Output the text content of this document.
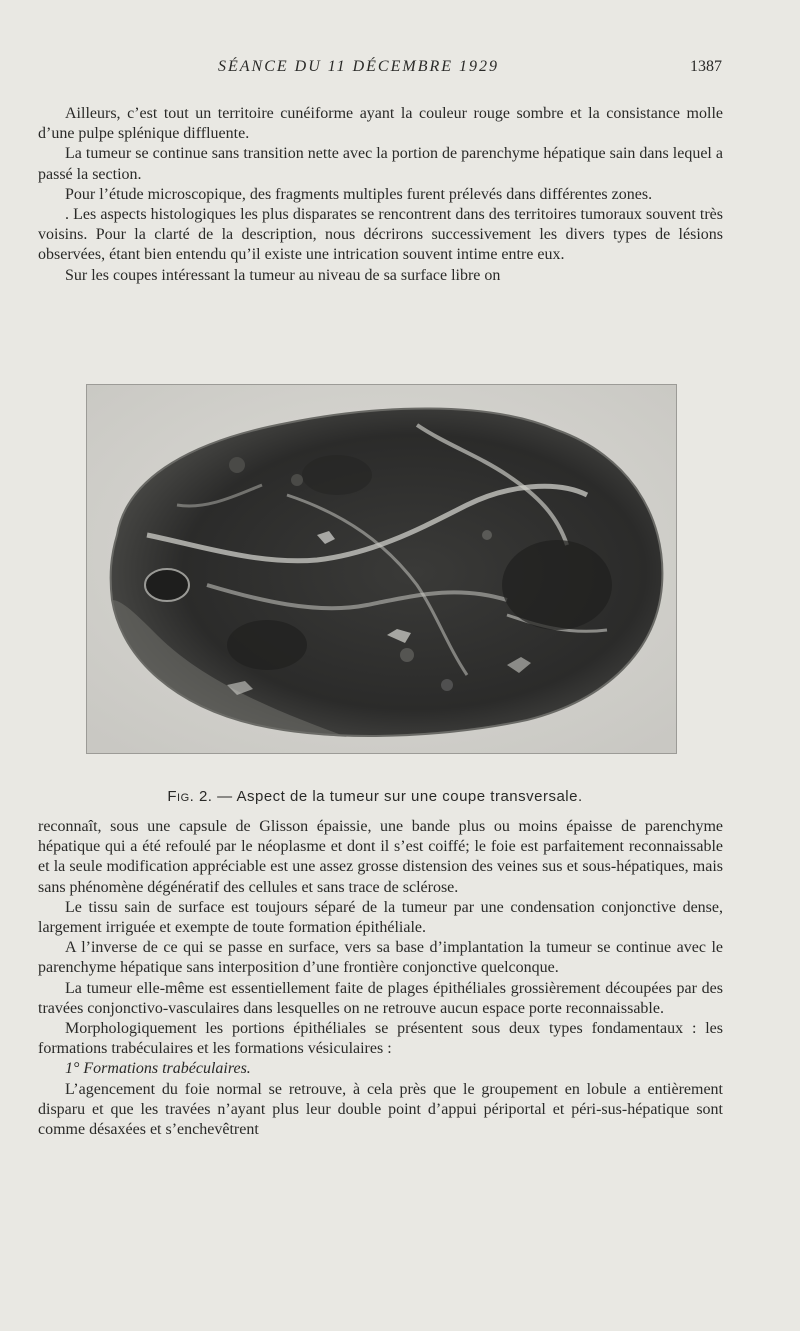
SÉANCE DU 11 DÉCEMBRE 1929	1387

Ailleurs, c’est tout un territoire cunéiforme ayant la couleur rouge sombre et la consistance molle d’une pulpe splénique diffluente.

La tumeur se continue sans transition nette avec la portion de parenchyme hépatique sain dans lequel a passé la section.

Pour l’étude microscopique, des fragments multiples furent prélevés dans différentes zones.

. Les aspects histologiques les plus disparates se rencontrent dans des territoires tumoraux souvent très voisins. Pour la clarté de la description, nous décrirons successivement les divers types de lésions observées, étant bien entendu qu’il existe une intrication souvent intime entre eux.

Sur les coupes intéressant la tumeur au niveau de sa surface libre on

Fig. 2. — Aspect de la tumeur sur une coupe transversale.

reconnaît, sous une capsule de Glisson épaissie, une bande plus ou moins épaisse de parenchyme hépatique qui a été refoulé par le néoplasme et dont il s’est coiffé; le foie est parfaitement reconnaissable et la seule modification appréciable est une assez grosse distension des veines sus et sous-hépatiques, mais sans phénomène dégénératif des cellules et sans trace de sclérose.

Le tissu sain de surface est toujours séparé de la tumeur par une condensation conjonctive dense, largement irriguée et exempte de toute formation épithéliale.

A l’inverse de ce qui se passe en surface, vers sa base d’implantation la tumeur se continue avec le parenchyme hépatique sans interposition d’une frontière conjonctive quelconque.

La tumeur elle-même est essentiellement faite de plages épithéliales grossièrement découpées par des travées conjonctivo-vasculaires dans lesquelles on ne retrouve aucun espace porte reconnaissable.

Morphologiquement les portions épithéliales se présentent sous deux types fondamentaux : les formations trabéculaires et les formations vésiculaires :

1° Formations trabéculaires.

L’agencement du foie normal se retrouve, à cela près que le groupement en lobule a entièrement disparu et que les travées n’ayant plus leur double point d’appui périportal et péri-sus-hépatique sont comme désaxées et s’enchevêtrent
